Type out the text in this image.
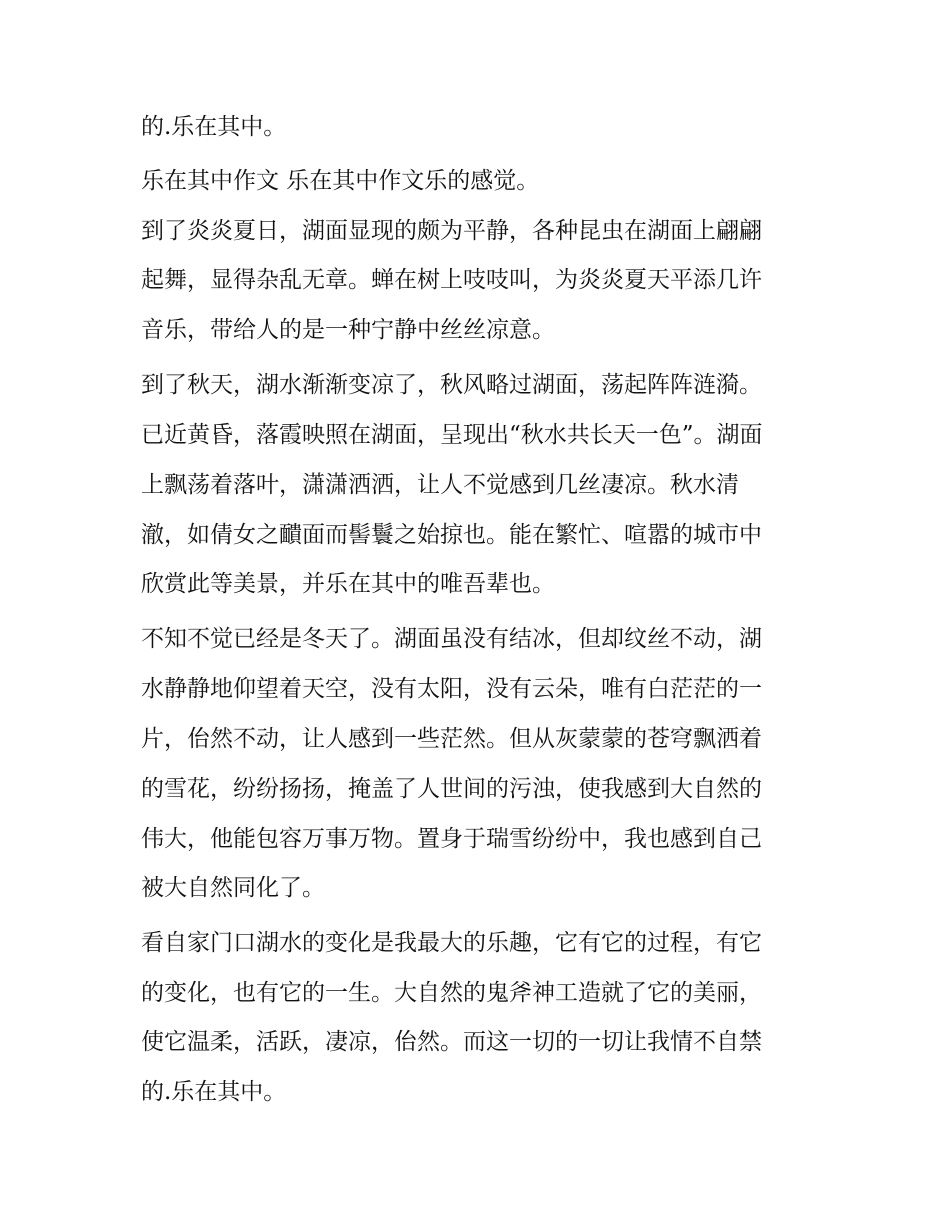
的.乐在其中。
乐在其中作文 乐在其中作文乐的感觉。
到了炎炎夏日，湖面显现的颇为平静，各种昆虫在湖面上翩翩
起舞，显得杂乱无章。蝉在树上吱吱叫，为炎炎夏天平添几许
音乐，带给人的是一种宁静中丝丝凉意。
到了秋天，湖水渐渐变凉了，秋风略过湖面，荡起阵阵涟漪。
已近黄昏，落霞映照在湖面，呈现出“秋水共长天一色”。湖面
上飘荡着落叶，潇潇洒洒，让人不觉感到几丝凄凉。秋水清
澈，如倩女之靧面而髻鬟之始掠也。能在繁忙、喧嚣的城市中
欣赏此等美景，并乐在其中的唯吾辈也。
不知不觉已经是冬天了。湖面虽没有结冰，但却纹丝不动，湖
水静静地仰望着天空，没有太阳，没有云朵，唯有白茫茫的一
片，佁然不动，让人感到一些茫然。但从灰蒙蒙的苍穹飘洒着
的雪花，纷纷扬扬，掩盖了人世间的污浊，使我感到大自然的
伟大，他能包容万事万物。置身于瑞雪纷纷中，我也感到自己
被大自然同化了。
看自家门口湖水的变化是我最大的乐趣，它有它的过程，有它
的变化，也有它的一生。大自然的鬼斧神工造就了它的美丽，
使它温柔，活跃，凄凉，佁然。而这一切的一切让我情不自禁
的.乐在其中。
